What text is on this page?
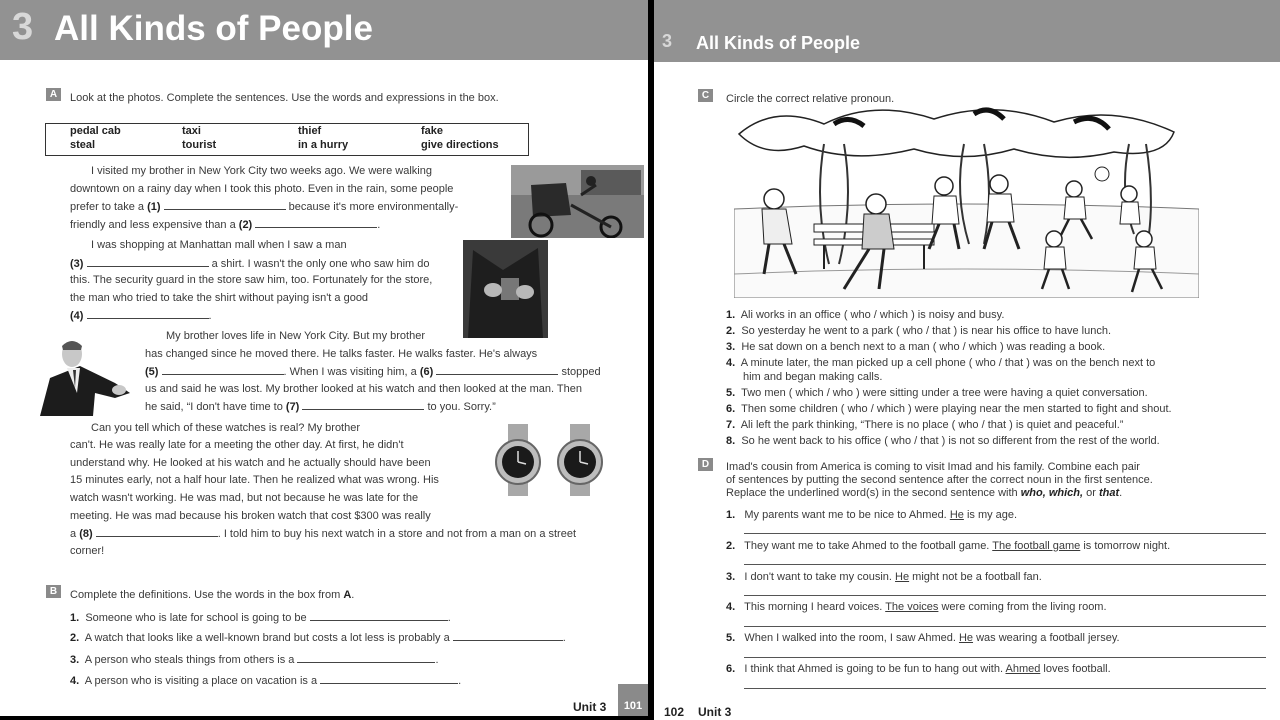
3 All Kinds of People
A	Look at the photos. Complete the sentences. Use the words and expressions in the box.
pedal cab	taxi	thief	fake
steal	tourist	in a hurry	give directions
I visited my brother in New York City two weeks ago. We were walking
downtown on a rainy day when I took this photo. Even in the rain, some people
prefer to take a (1)	because it's more environmentally-
friendly and less expensive than a (2)	.
I was shopping at Manhattan mall when I saw a man
(3)	a shirt. I wasn't the only one who saw him do
this. The security guard in the store saw him, too. Fortunately for the store,
the man who tried to take the shirt without paying isn't a good
(4)	.
My brother loves life in New York City. But my brother
has changed since he moved there. He talks faster. He walks faster. He's always
(5)	. When I was visiting him, a (6)	stopped
us and said he was lost. My brother looked at his watch and then looked at the man. Then
he said, “I don't have time to (7)	to you. Sorry.”
Can you tell which of these watches is real? My brother
can't. He was really late for a meeting the other day. At first, he didn't
understand why. He looked at his watch and he actually should have been
15 minutes early, not a half hour late. Then he realized what was wrong. His
watch wasn't working. He was mad, but not because he was late for the
meeting. He was mad because his broken watch that cost $300 was really
a (8)	. I told him to buy his next watch in a store and not from a man on a street
corner!
B	Complete the definitions. Use the words in the box from A.
1. Someone who is late for school is going to be	.
2. A watch that looks like a well-known brand but costs a lot less is probably a	.
3. A person who steals things from others is a	.
4. A person who is visiting a place on vacation is a	.
Unit 3	101
3 All Kinds of People
C	Circle the correct relative pronoun.
1. Ali works in an office ( who / which ) is noisy and busy.
2. So yesterday he went to a park ( who / that ) is near his office to have lunch.
3. He sat down on a bench next to a man ( who / which ) was reading a book.
4. A minute later, the man picked up a cell phone ( who / that ) was on the bench next to
him and began making calls.
5. Two men ( which / who ) were sitting under a tree were having a quiet conversation.
6. Then some children ( who / which ) were playing near the men started to fight and shout.
7. Ali left the park thinking, “There is no place ( who / that ) is quiet and peaceful.”
8. So he went back to his office ( who / that ) is not so different from the rest of the world.
D	Imad's cousin from America is coming to visit Imad and his family. Combine each pair
of sentences by putting the second sentence after the correct noun in the first sentence.
Replace the underlined word(s) in the second sentence with who, which, or that.
1. My parents want me to be nice to Ahmed. He is my age.
2. They want me to take Ahmed to the football game. The football game is tomorrow night.
3. I don't want to take my cousin. He might not be a football fan.
4. This morning I heard voices. The voices were coming from the living room.
5. When I walked into the room, I saw Ahmed. He was wearing a football jersey.
6. I think that Ahmed is going to be fun to hang out with. Ahmed loves football.
102 Unit 3
